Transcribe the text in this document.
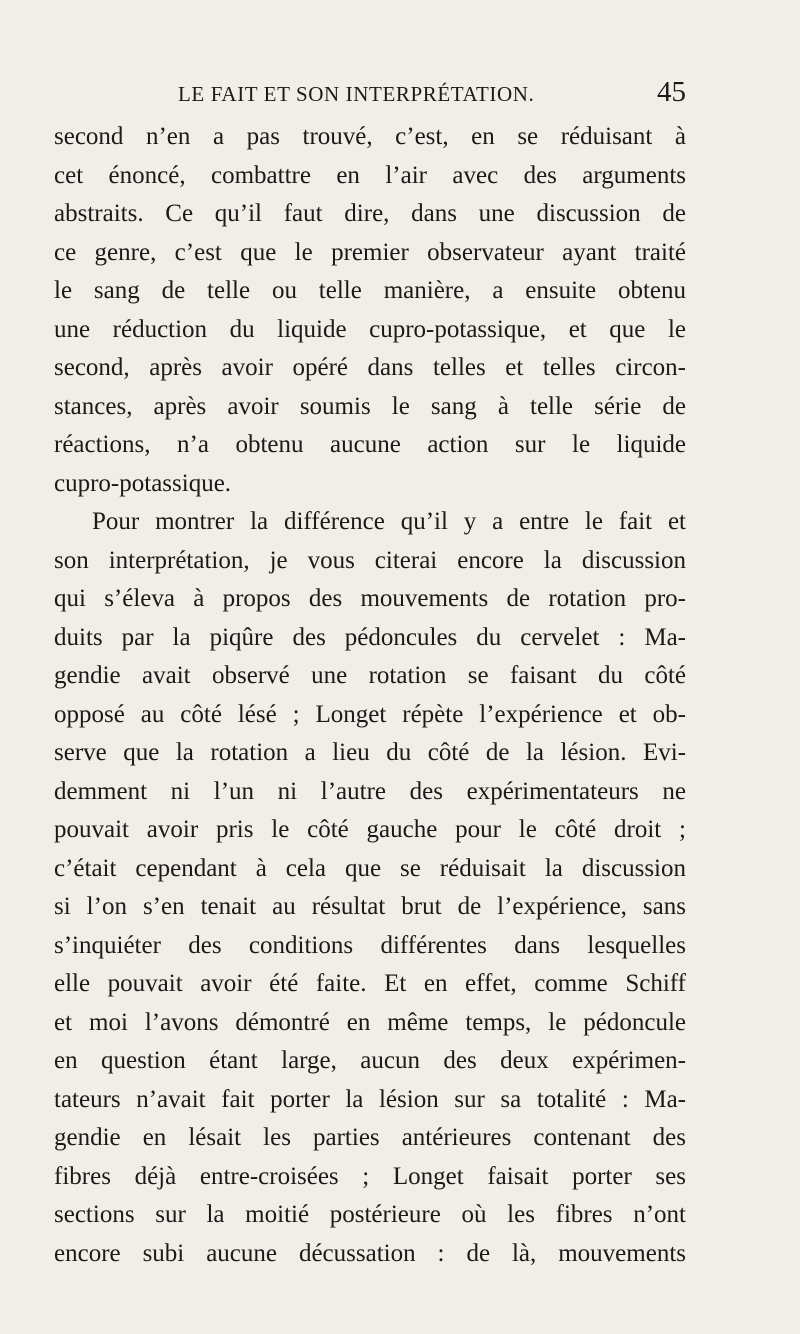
LE FAIT ET SON INTERPRÉTATION.	45
second n’en a pas trouvé, c’est, en se réduisant à
cet énoncé, combattre en l’air avec des arguments
abstraits. Ce qu’il faut dire, dans une discussion de
ce genre, c’est que le premier observateur ayant traité
le sang de telle ou telle manière, a ensuite obtenu
une réduction du liquide cupro-potassique, et que le
second, après avoir opéré dans telles et telles circon-
stances, après avoir soumis le sang à telle série de
réactions, n’a obtenu aucune action sur le liquide
cupro-potassique.
Pour montrer la différence qu’il y a entre le fait et
son interprétation, je vous citerai encore la discussion
qui s’éleva à propos des mouvements de rotation pro-
duits par la piqûre des pédoncules du cervelet : Ma-
gendie avait observé une rotation se faisant du côté
opposé au côté lésé ; Longet répète l’expérience et ob-
serve que la rotation a lieu du côté de la lésion. Evi-
demment ni l’un ni l’autre des expérimentateurs ne
pouvait avoir pris le côté gauche pour le côté droit ;
c’était cependant à cela que se réduisait la discussion
si l’on s’en tenait au résultat brut de l’expérience, sans
s’inquiéter des conditions différentes dans lesquelles
elle pouvait avoir été faite. Et en effet, comme Schiff
et moi l’avons démontré en même temps, le pédoncule
en question étant large, aucun des deux expérimen-
tateurs n’avait fait porter la lésion sur sa totalité : Ma-
gendie en lésait les parties antérieures contenant des
fibres déjà entre-croisées ; Longet faisait porter ses
sections sur la moitié postérieure où les fibres n’ont
encore subi aucune décussation : de là, mouvements
